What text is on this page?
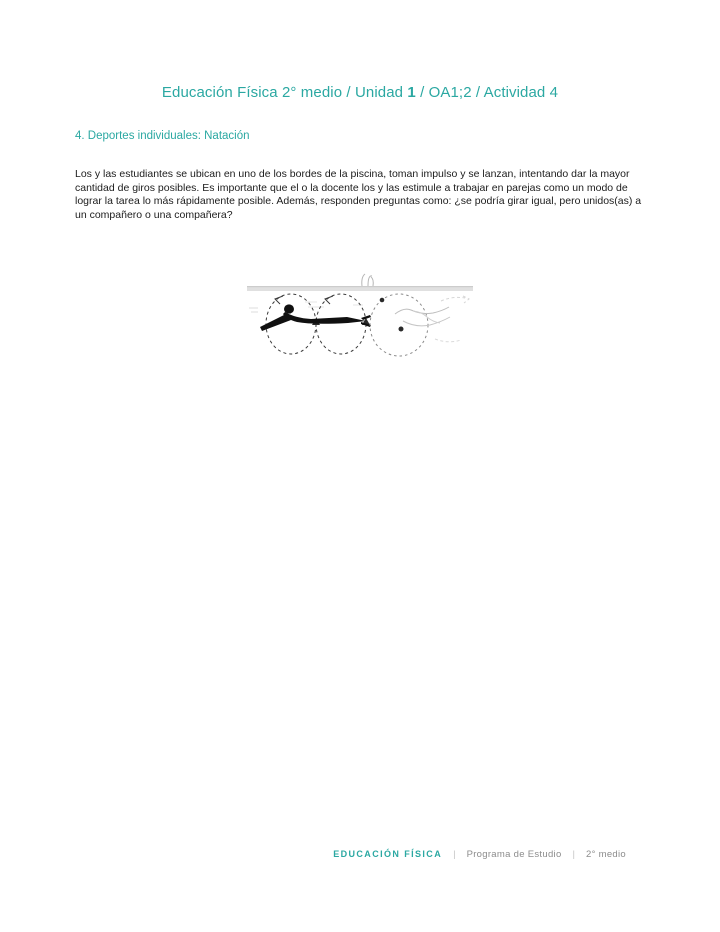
Educación Física 2° medio / Unidad 1 / OA1;2 / Actividad 4
4. Deportes individuales: Natación

Los y las estudiantes se ubican en uno de los bordes de la piscina, toman impulso y se lanzan, intentando dar la mayor cantidad de giros posibles. Es importante que el o la docente los y las estimule a trabajar en parejas como un modo de lograr la tarea lo más rápidamente posible. Además, responden preguntas como: ¿se podría girar igual, pero unidos(as) a un compañero o una compañera?

EDUCACIÓN FÍSICA | Programa de Estudio | 2° medio
